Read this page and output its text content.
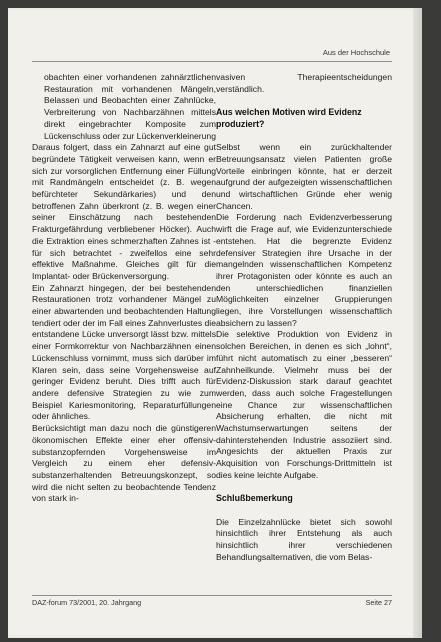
Aus der Hochschule

obachten einer vorhandenen zahnärztlichen Restauration mit vorhandenen Mängeln, Belassen und Beobachten einer Zahnlücke, Verbreiterung von Nachbarzähnen mittels direkt eingebrachter Komposite zum Lückenschluss oder zur Lückenverkleinerung

Daraus folgert, dass ein Zahnarzt auf eine gut begründete Tätigkeit verweisen kann, wenn er sich zur vorsorglichen Entfernung einer Füllung mit Randmängeln entscheidet (z. B. wegen befürchteter Sekundärkaries) und den betroffenen Zahn überkront (z. B. wegen einer seiner Einschätzung nach bestehenden Frakturgefährdung verbliebener Höcker). Auch die Extraktion eines schmerzhaften Zahnes ist - für sich betrachtet - zweifellos eine sehr effektive Maßnahme. Gleiches gilt für die Implantat- oder Brückenversorgung.

Ein Zahnarzt hingegen, der bei bestehenden Restaurationen trotz vorhandener Mängel zu einer abwartenden und beobachtenden Haltung tendiert oder der im Fall eines Zahnverlustes die entstandene Lücke unversorgt lässt bzw. mittels einer Formkorrektur von Nachbarzähnen einen Lückenschluss vornimmt, muss sich darüber im Klaren sein, dass seine Vorgehensweise auf geringer Evidenz beruht. Dies trifft auch für andere defensive Strategien zu wie zum Beispiel Kariesmonitoring, Reparaturfüllungen oder ähnliches.

Berücksichtigt man dazu noch die günstigeren ökonomischen Effekte einer eher offensiv-substanzopfernden Vorgehensweise im Vergleich zu einem eher defensiv-substanzerhaltenden Betreuungskonzept, so wird die nicht selten zu beobachtende Tendenz von stark in-

vasiven Therapieentscheidungen verständlich.

Aus welchen Motiven wird Evidenz produziert?

Selbst wenn ein zurückhaltender Betreuungsansatz vielen Patienten große Vorteile einbringen könnte, hat er derzeit aufgrund der aufgezeigten wissenschaftlichen und wirtschaftlichen Gründe eher wenig Chancen.

Die Forderung nach Evidenzverbesserung wirft die Frage auf, wie Evidenzunterschiede entstehen. Hat die begrenzte Evidenz defensiver Strategien ihre Ursache in der mangelnden wissenschaftlichen Kompetenz ihrer Protagonisten oder könnte es auch an den unterschiedlichen finanziellen Möglichkeiten einzelner Gruppierungen liegen, ihre Vorstellungen wissenschaftlich absichern zu lassen?

Die selektive Produktion von Evidenz in solchen Bereichen, in denen es sich „lohnt“, führt nicht automatisch zu einer „besseren“ Zahnheilkunde. Vielmehr muss bei der Evidenz-Diskussion stark darauf geachtet werden, dass auch solche Fragestellungen eine Chance zur wissenschaftlichen Absicherung erhalten, die nicht mit Wachstumserwartungen seitens der dahinterstehenden Industrie assoziiert sind. Angesichts der aktuellen Praxis zur Akquisition von Forschungs-Drittmitteln ist dies keine leichte Aufgabe.

Schlußbemerkung

Die Einzelzahnlücke bietet sich sowohl hinsichtlich ihrer Entstehung als auch hinsichtlich ihrer verschiedenen Behandlungsalternativen, die vom Belas-

DAZ-forum 73/2001, 20. Jahrgang	Seite 27
